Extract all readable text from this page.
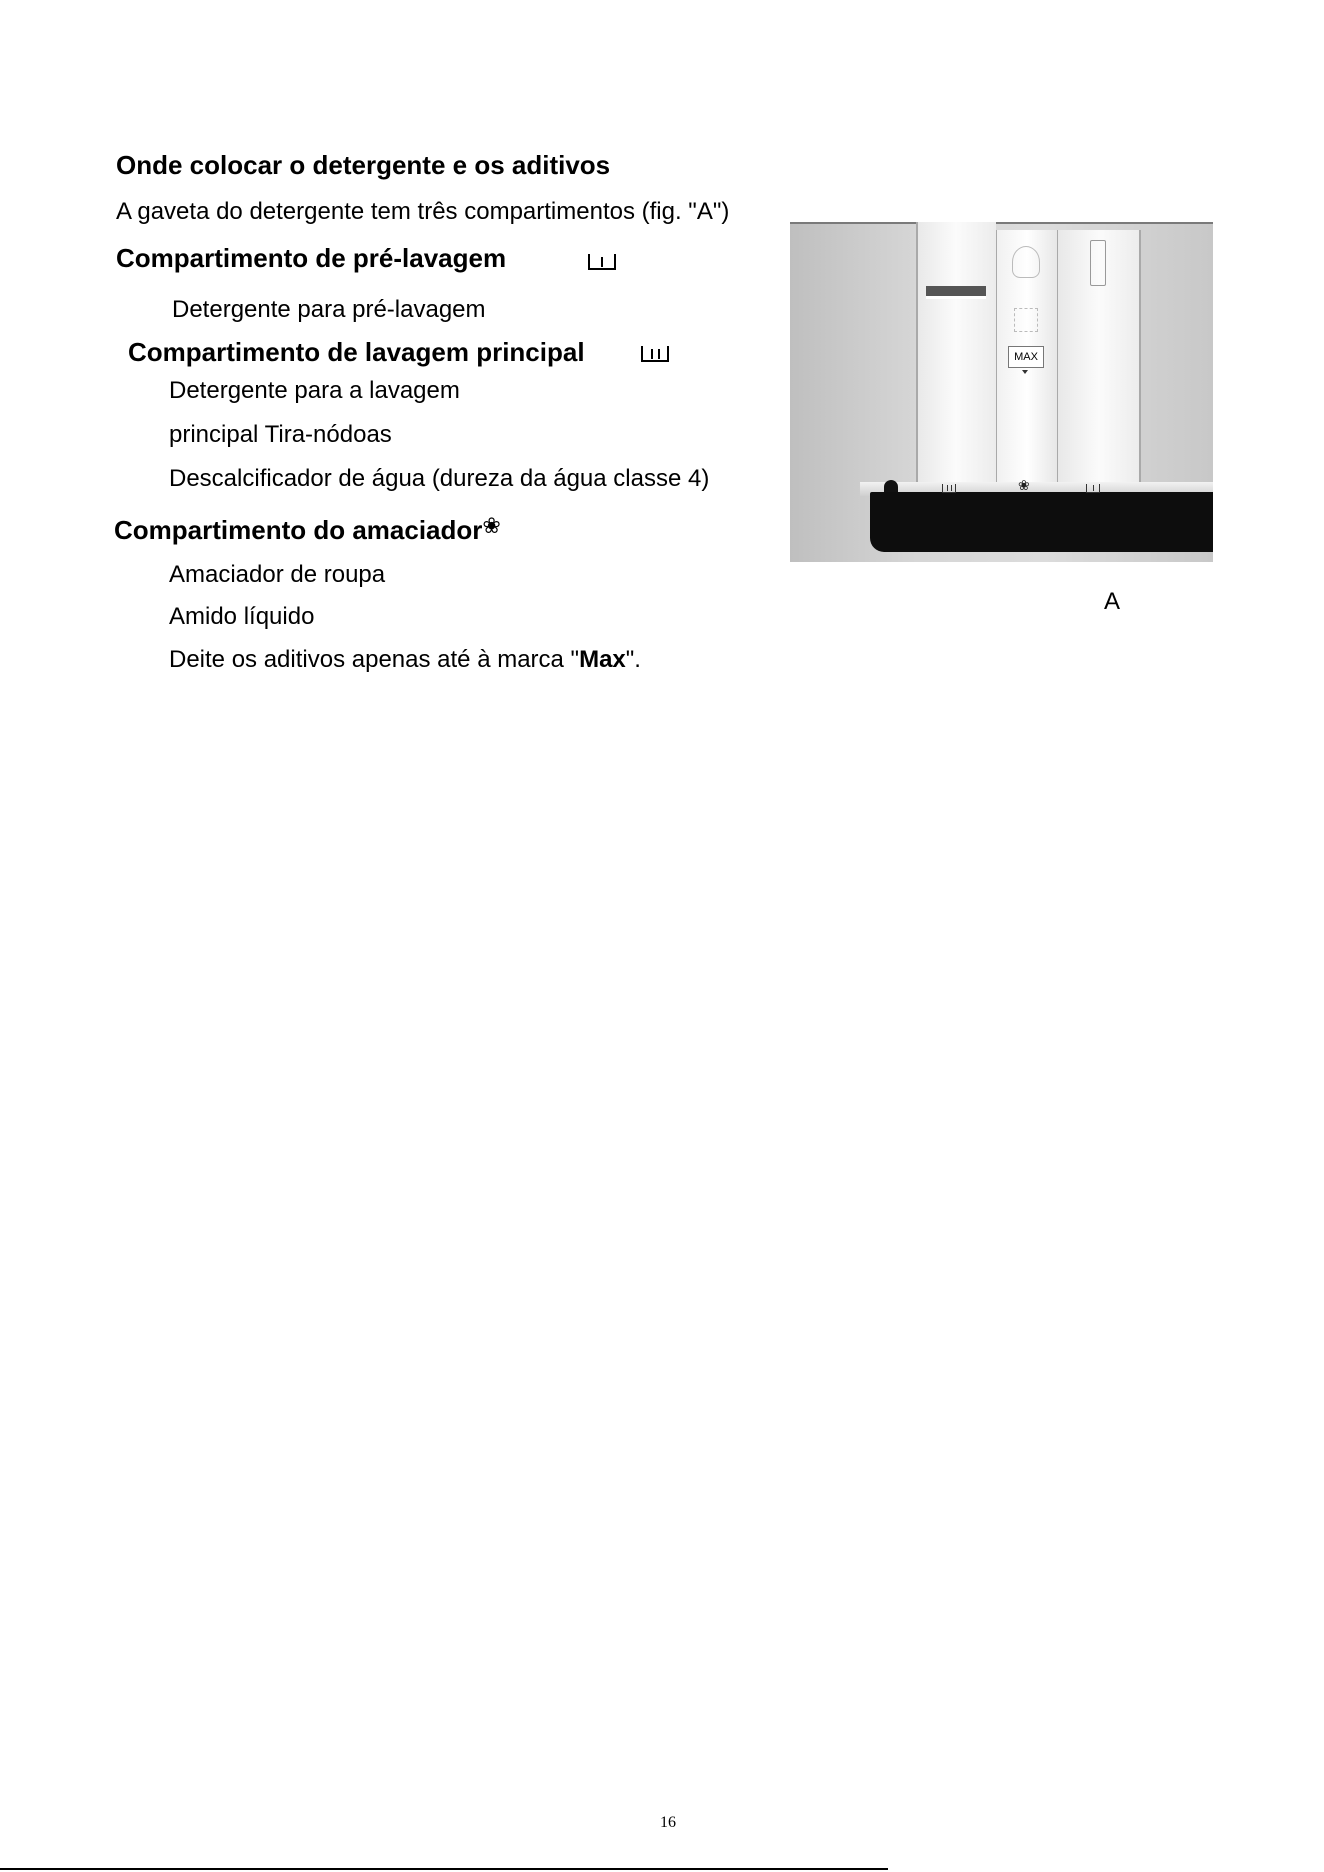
Onde colocar o detergente e os aditivos
A gaveta do detergente tem três compartimentos (fig. "A")
Compartimento de pré-lavagem
Detergente para pré-lavagem
Compartimento de lavagem principal
Detergente para a lavagem
principal Tira-nódoas
Descalcificador de água (dureza da água classe 4)
Compartimento do amaciador❀
Amaciador de roupa
Amido líquido
Deite os aditivos apenas até à marca "Max".
MAX
❀
A
16
